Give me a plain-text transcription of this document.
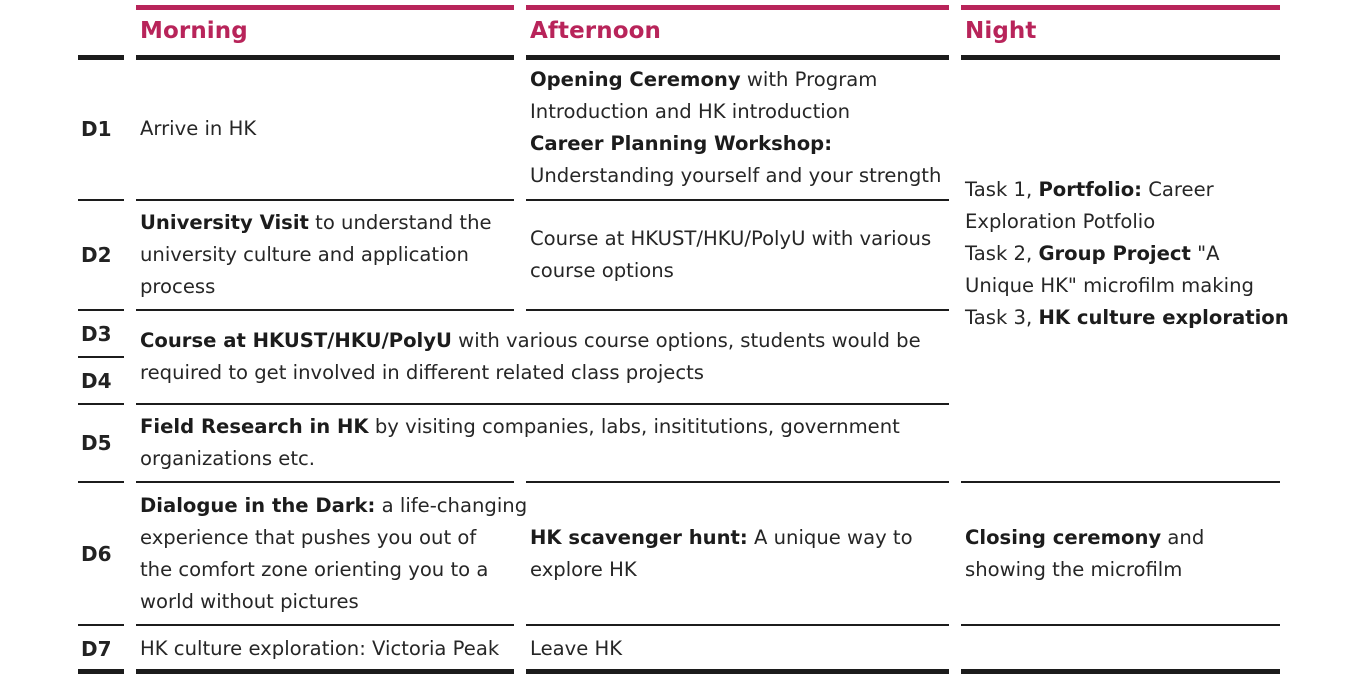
Morning	Afternoon	Night
D1
D2
D3
D4
D5
D6
D7
Arrive in HK
Opening Ceremony with Program
Introduction and HK introduction
Career Planning Workshop:
Understanding yourself and your strength
Task 1, Portfolio: Career
Exploration Potfolio
Task 2, Group Project "A
Unique HK" microfilm making
Task 3, HK culture exploration
University Visit to understand the
university culture and application
process
Course at HKUST/HKU/PolyU with various
course options
Course at HKUST/HKU/PolyU with various course options, students would be
required to get involved in different related class projects
Field Research in HK by visiting companies, labs, insititutions, government
organizations etc.
Dialogue in the Dark: a life-changing
experience that pushes you out of
the comfort zone orienting you to a
world without pictures
HK scavenger hunt: A unique way to
explore HK
Closing ceremony and
showing the microfilm
HK culture exploration: Victoria Peak Leave HK
